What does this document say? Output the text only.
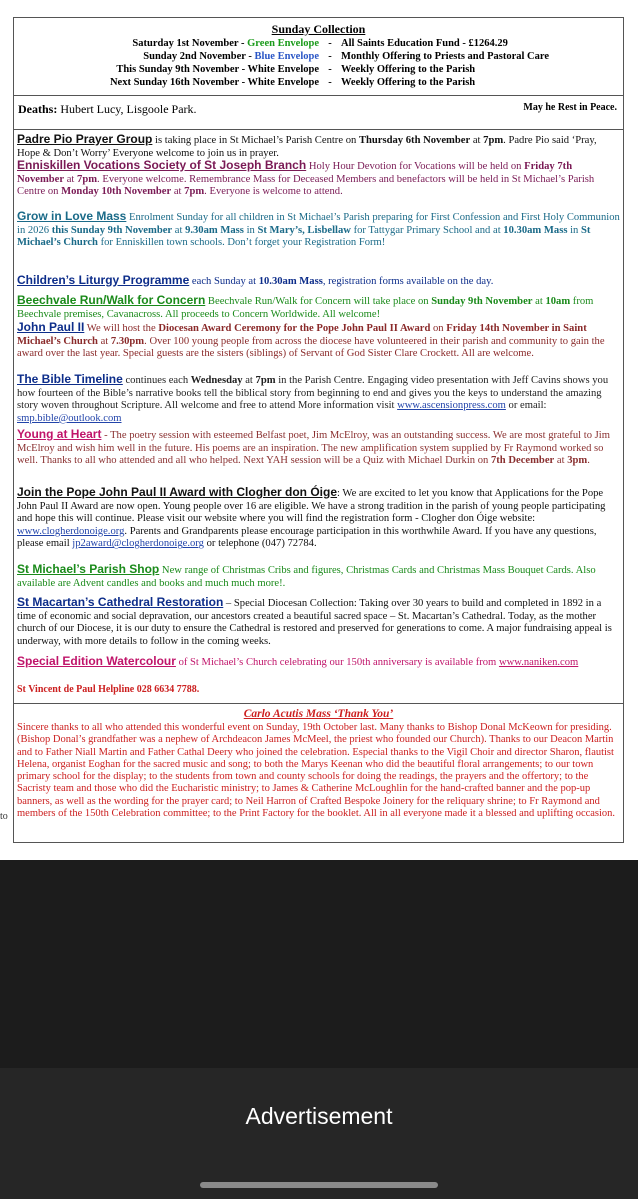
Sunday Collection
Saturday 1st November - Green Envelope - All Saints Education Fund - £1264.29
Sunday 2nd November - Blue Envelope - Monthly Offering to Priests and Pastoral Care
This Sunday 9th November - White Envelope - Weekly Offering to the Parish
Next Sunday 16th November - White Envelope - Weekly Offering to the Parish
Deaths: Hubert Lucy, Lisgoole Park.	May he Rest in Peace.
Padre Pio Prayer Group is taking place in St Michael’s Parish Centre on Thursday 6th November at 7pm. Padre Pio said ‘Pray, Hope & Don’t Worry’ Everyone welcome to join us in prayer.
Enniskillen Vocations Society of St Joseph Branch Holy Hour Devotion for Vocations will be held on Friday 7th November at 7pm. Everyone welcome. Remembrance Mass for Deceased Members and benefactors will be held in St Michael’s Parish Centre on Monday 10th November at 7pm. Everyone is welcome to attend.
Grow in Love Mass Enrolment Sunday for all children in St Michael’s Parish preparing for First Confession and First Holy Communion in 2026 this Sunday 9th November at 9.30am Mass in St Mary’s, Lisbellaw for Tattygar Primary School and at 10.30am Mass in St Michael’s Church for Enniskillen town schools. Don’t forget your Registration Form!
Children’s Liturgy Programme each Sunday at 10.30am Mass, registration forms available on the day.
Beechvale Run/Walk for Concern Beechvale Run/Walk for Concern will take place on Sunday 9th November at 10am from Beechvale premises, Cavanacross. All proceeds to Concern Worldwide. All welcome!
John Paul II We will host the Diocesan Award Ceremony for the Pope John Paul II Award on Friday 14th November in Saint Michael’s Church at 7.30pm. Over 100 young people from across the diocese have volunteered in their parish and community to gain the award over the last year. Special guests are the sisters (siblings) of Servant of God Sister Clare Crockett. All are welcome.
The Bible Timeline continues each Wednesday at 7pm in the Parish Centre. Engaging video presentation with Jeff Cavins shows you how fourteen of the Bible’s narrative books tell the biblical story from beginning to end and gives you the keys to understand the amazing story woven throughout Scripture. All welcome and free to attend More information visit www.ascensionpress.com or email: smp.bible@outlook.com
Young at Heart - The poetry session with esteemed Belfast poet, Jim McElroy, was an outstanding success. We are most grateful to Jim McElroy and wish him well in the future. His poems are an inspiration. The new amplification system supplied by Fr Raymond worked so well. Thanks to all who attended and all who helped. Next YAH session will be a Quiz with Michael Durkin on 7th December at 3pm.
Join the Pope John Paul II Award with Clogher don Óige: We are excited to let you know that Applications for the Pope John Paul II Award are now open. Young people over 16 are eligible. We have a strong tradition in the parish of young people participating and hope this will continue. Please visit our website where you will find the registration form - Clogher don Óige website: www.clogherdonoige.org. Parents and Grandparents please encourage participation in this worthwhile Award. If you have any questions, please email jp2award@clogherdonoige.org or telephone (047) 72784.
St Michael’s Parish Shop New range of Christmas Cribs and figures, Christmas Cards and Christmas Mass Bouquet Cards. Also available are Advent candles and books and much much more!.
St Macartan’s Cathedral Restoration – Special Diocesan Collection: Taking over 30 years to build and completed in 1892 in a time of economic and social depravation, our ancestors created a beautiful sacred space – St. Macartan’s Cathedral. Today, as the mother church of our Diocese, it is our duty to ensure the Cathedral is restored and preserved for generations to come. A major fundraising appeal is underway, with more details to follow in the coming weeks.
Special Edition Watercolour of St Michael’s Church celebrating our 150th anniversary is available from www.naniken.com
St Vincent de Paul Helpline 028 6634 7788.
Carlo Acutis Mass ‘Thank You’
Sincere thanks to all who attended this wonderful event on Sunday, 19th October last. Many thanks to Bishop Donal McKeown for presiding. (Bishop Donal’s grandfather was a nephew of Archdeacon James McMeel, the priest who founded our Church). Thanks to our Deacon Martin and to Father Niall Martin and Father Cathal Deery who joined the celebration. Especial thanks to the Vigil Choir and director Sharon, flautist Helena, organist Eoghan for the sacred music and song; to both the Marys Keenan who did the beautiful floral arrangements; to our town primary school for the display; to the students from town and county schools for doing the readings, the prayers and the offertory; to the Sacristy team and those who did the Eucharistic ministry; to James & Catherine McLoughlin for the hand-crafted banner and the pop-up banners, as well as the wording for the prayer card; to Neil Harron of Crafted Bespoke Joinery for the reliquary shrine; to Fr Raymond and members of the 150th Celebration committee; to the Print Factory for the booklet. All in all everyone made it a blessed and uplifting occasion.
to
Advertisement
